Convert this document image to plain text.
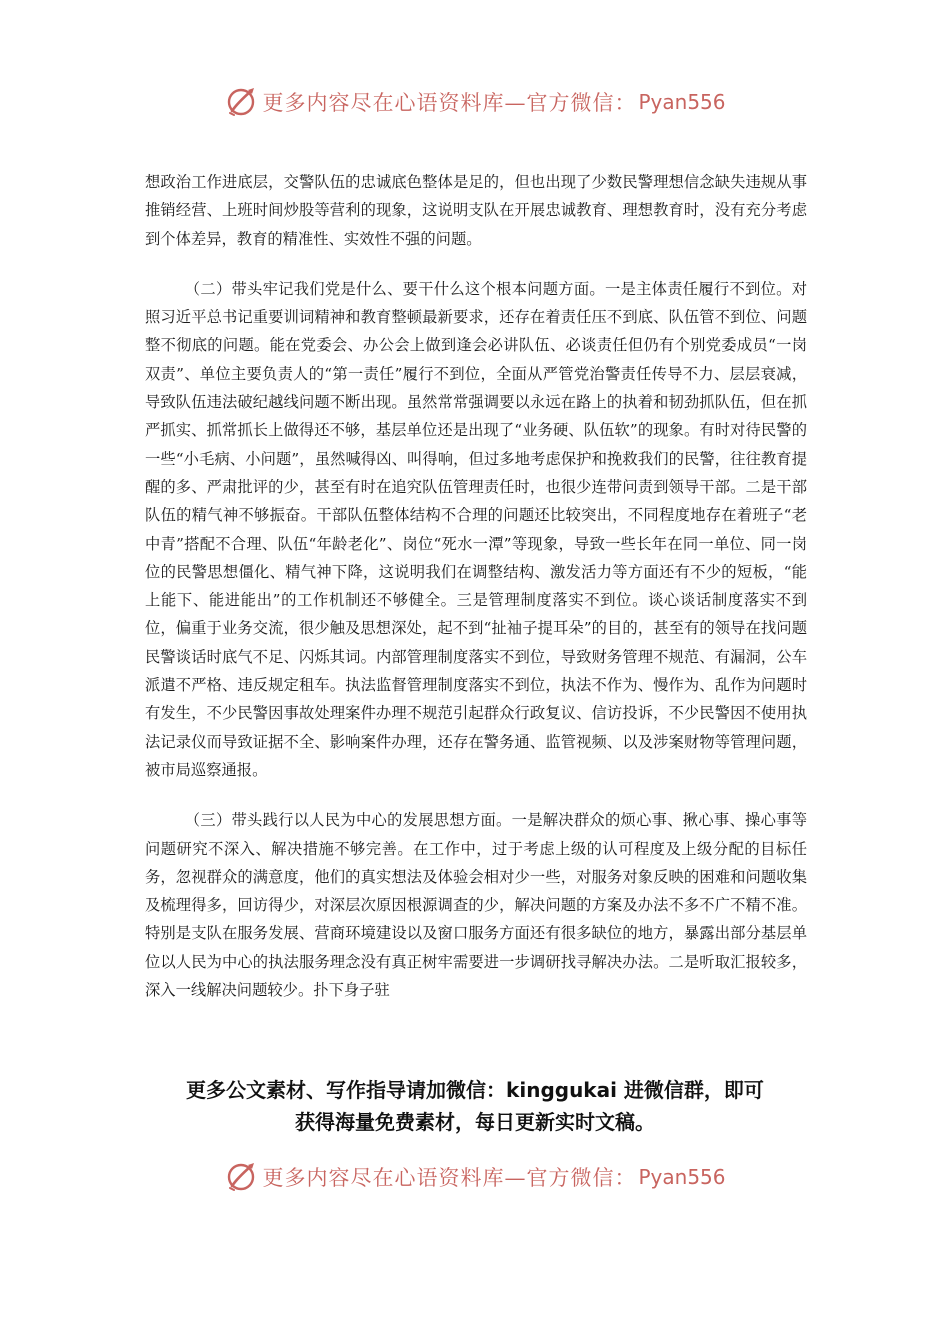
更多内容尽在心语资料库—官方微信： Pyan556

想政治工作进底层，交警队伍的忠诚底色整体是足的，但也出现了少数民警理想信念缺失违规从事推销经营、上班时间炒股等营利的现象，这说明支队在开展忠诚教育、理想教育时，没有充分考虑到个体差异，教育的精准性、实效性不强的问题。

（二）带头牢记我们党是什么、要干什么这个根本问题方面。一是主体责任履行不到位。对照习近平总书记重要训词精神和教育整顿最新要求，还存在着责任压不到底、队伍管不到位、问题整不彻底的问题。能在党委会、办公会上做到逢会必讲队伍、必谈责任但仍有个别党委成员“一岗双责”、单位主要负责人的“第一责任”履行不到位，全面从严管党治警责任传导不力、层层衰减，导致队伍违法破纪越线问题不断出现。虽然常常强调要以永远在路上的执着和韧劲抓队伍，但在抓严抓实、抓常抓长上做得还不够，基层单位还是出现了“业务硬、队伍软”的现象。有时对待民警的一些“小毛病、小问题”，虽然喊得凶、叫得响，但过多地考虑保护和挽救我们的民警，往往教育提醒的多、严肃批评的少，甚至有时在追究队伍管理责任时，也很少连带问责到领导干部。二是干部队伍的精气神不够振奋。干部队伍整体结构不合理的问题还比较突出，不同程度地存在着班子“老中青”搭配不合理、队伍“年龄老化”、岗位“死水一潭”等现象，导致一些长年在同一单位、同一岗位的民警思想僵化、精气神下降，这说明我们在调整结构、激发活力等方面还有不少的短板，“能上能下、能进能出”的工作机制还不够健全。三是管理制度落实不到位。谈心谈话制度落实不到位，偏重于业务交流，很少触及思想深处，起不到“扯袖子提耳朵”的目的，甚至有的领导在找问题民警谈话时底气不足、闪烁其词。内部管理制度落实不到位，导致财务管理不规范、有漏洞，公车派遣不严格、违反规定租车。执法监督管理制度落实不到位，执法不作为、慢作为、乱作为问题时有发生，不少民警因事故处理案件办理不规范引起群众行政复议、信访投诉，不少民警因不使用执法记录仪而导致证据不全、影响案件办理，还存在警务通、监管视频、以及涉案财物等管理问题，被市局巡察通报。

（三）带头践行以人民为中心的发展思想方面。一是解决群众的烦心事、揪心事、操心事等问题研究不深入、解决措施不够完善。在工作中，过于考虑上级的认可程度及上级分配的目标任务，忽视群众的满意度，他们的真实想法及体验会相对少一些，对服务对象反映的困难和问题收集及梳理得多，回访得少，对深层次原因根源调查的少，解决问题的方案及办法不多不广不精不准。特别是支队在服务发展、营商环境建设以及窗口服务方面还有很多缺位的地方，暴露出部分基层单位以人民为中心的执法服务理念没有真正树牢需要进一步调研找寻解决办法。二是听取汇报较多，深入一线解决问题较少。扑下身子驻

更多公文素材、写作指导请加微信：kinggukai 进微信群，即可
获得海量免费素材，每日更新实时文稿。
更多内容尽在心语资料库—官方微信： Pyan556
